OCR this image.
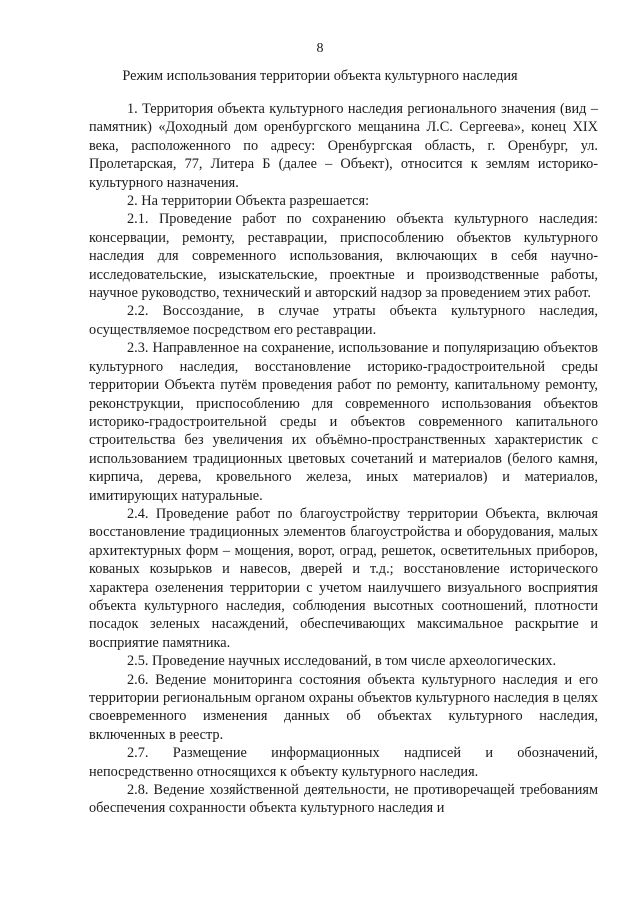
8
Режим использования территории объекта культурного наследия

1. Территория объекта культурного наследия регионального значения (вид – памятник) «Доходный дом оренбургского мещанина Л.С. Сергеева», конец XIX века, расположенного по адресу: Оренбургская область, г. Оренбург, ул. Пролетарская, 77, Литера Б (далее – Объект), относится к землям историко-культурного назначения.

2. На территории Объекта разрешается:

2.1. Проведение работ по сохранению объекта культурного наследия: консервации, ремонту, реставрации, приспособлению объектов культурного наследия для современного использования, включающих в себя научно-исследовательские, изыскательские, проектные и производственные работы, научное руководство, технический и авторский надзор за проведением этих работ.

2.2. Воссоздание, в случае утраты объекта культурного наследия, осуществляемое посредством его реставрации.

2.3. Направленное на сохранение, использование и популяризацию объектов культурного наследия, восстановление историко-градостроительной среды территории Объекта путём проведения работ по ремонту, капитальному ремонту, реконструкции, приспособлению для современного использования объектов историко-градостроительной среды и объектов современного капитального строительства без увеличения их объёмно-пространственных характеристик с использованием традиционных цветовых сочетаний и материалов (белого камня, кирпича, дерева, кровельного железа, иных материалов) и материалов, имитирующих натуральные.

2.4. Проведение работ по благоустройству территории Объекта, включая восстановление традиционных элементов благоустройства и оборудования, малых архитектурных форм – мощения, ворот, оград, решеток, осветительных приборов, кованых козырьков и навесов, дверей и т.д.; восстановление исторического характера озеленения территории с учетом наилучшего визуального восприятия объекта культурного наследия, соблюдения высотных соотношений, плотности посадок зеленых насаждений, обеспечивающих максимальное раскрытие и восприятие памятника.

2.5. Проведение научных исследований, в том числе археологических.

2.6. Ведение мониторинга состояния объекта культурного наследия и его территории региональным органом охраны объектов культурного наследия в целях своевременного изменения данных об объектах культурного наследия, включенных в реестр.

2.7. Размещение информационных надписей и обозначений, непосредственно относящихся к объекту культурного наследия.

2.8. Ведение хозяйственной деятельности, не противоречащей требованиям обеспечения сохранности объекта культурного наследия и
